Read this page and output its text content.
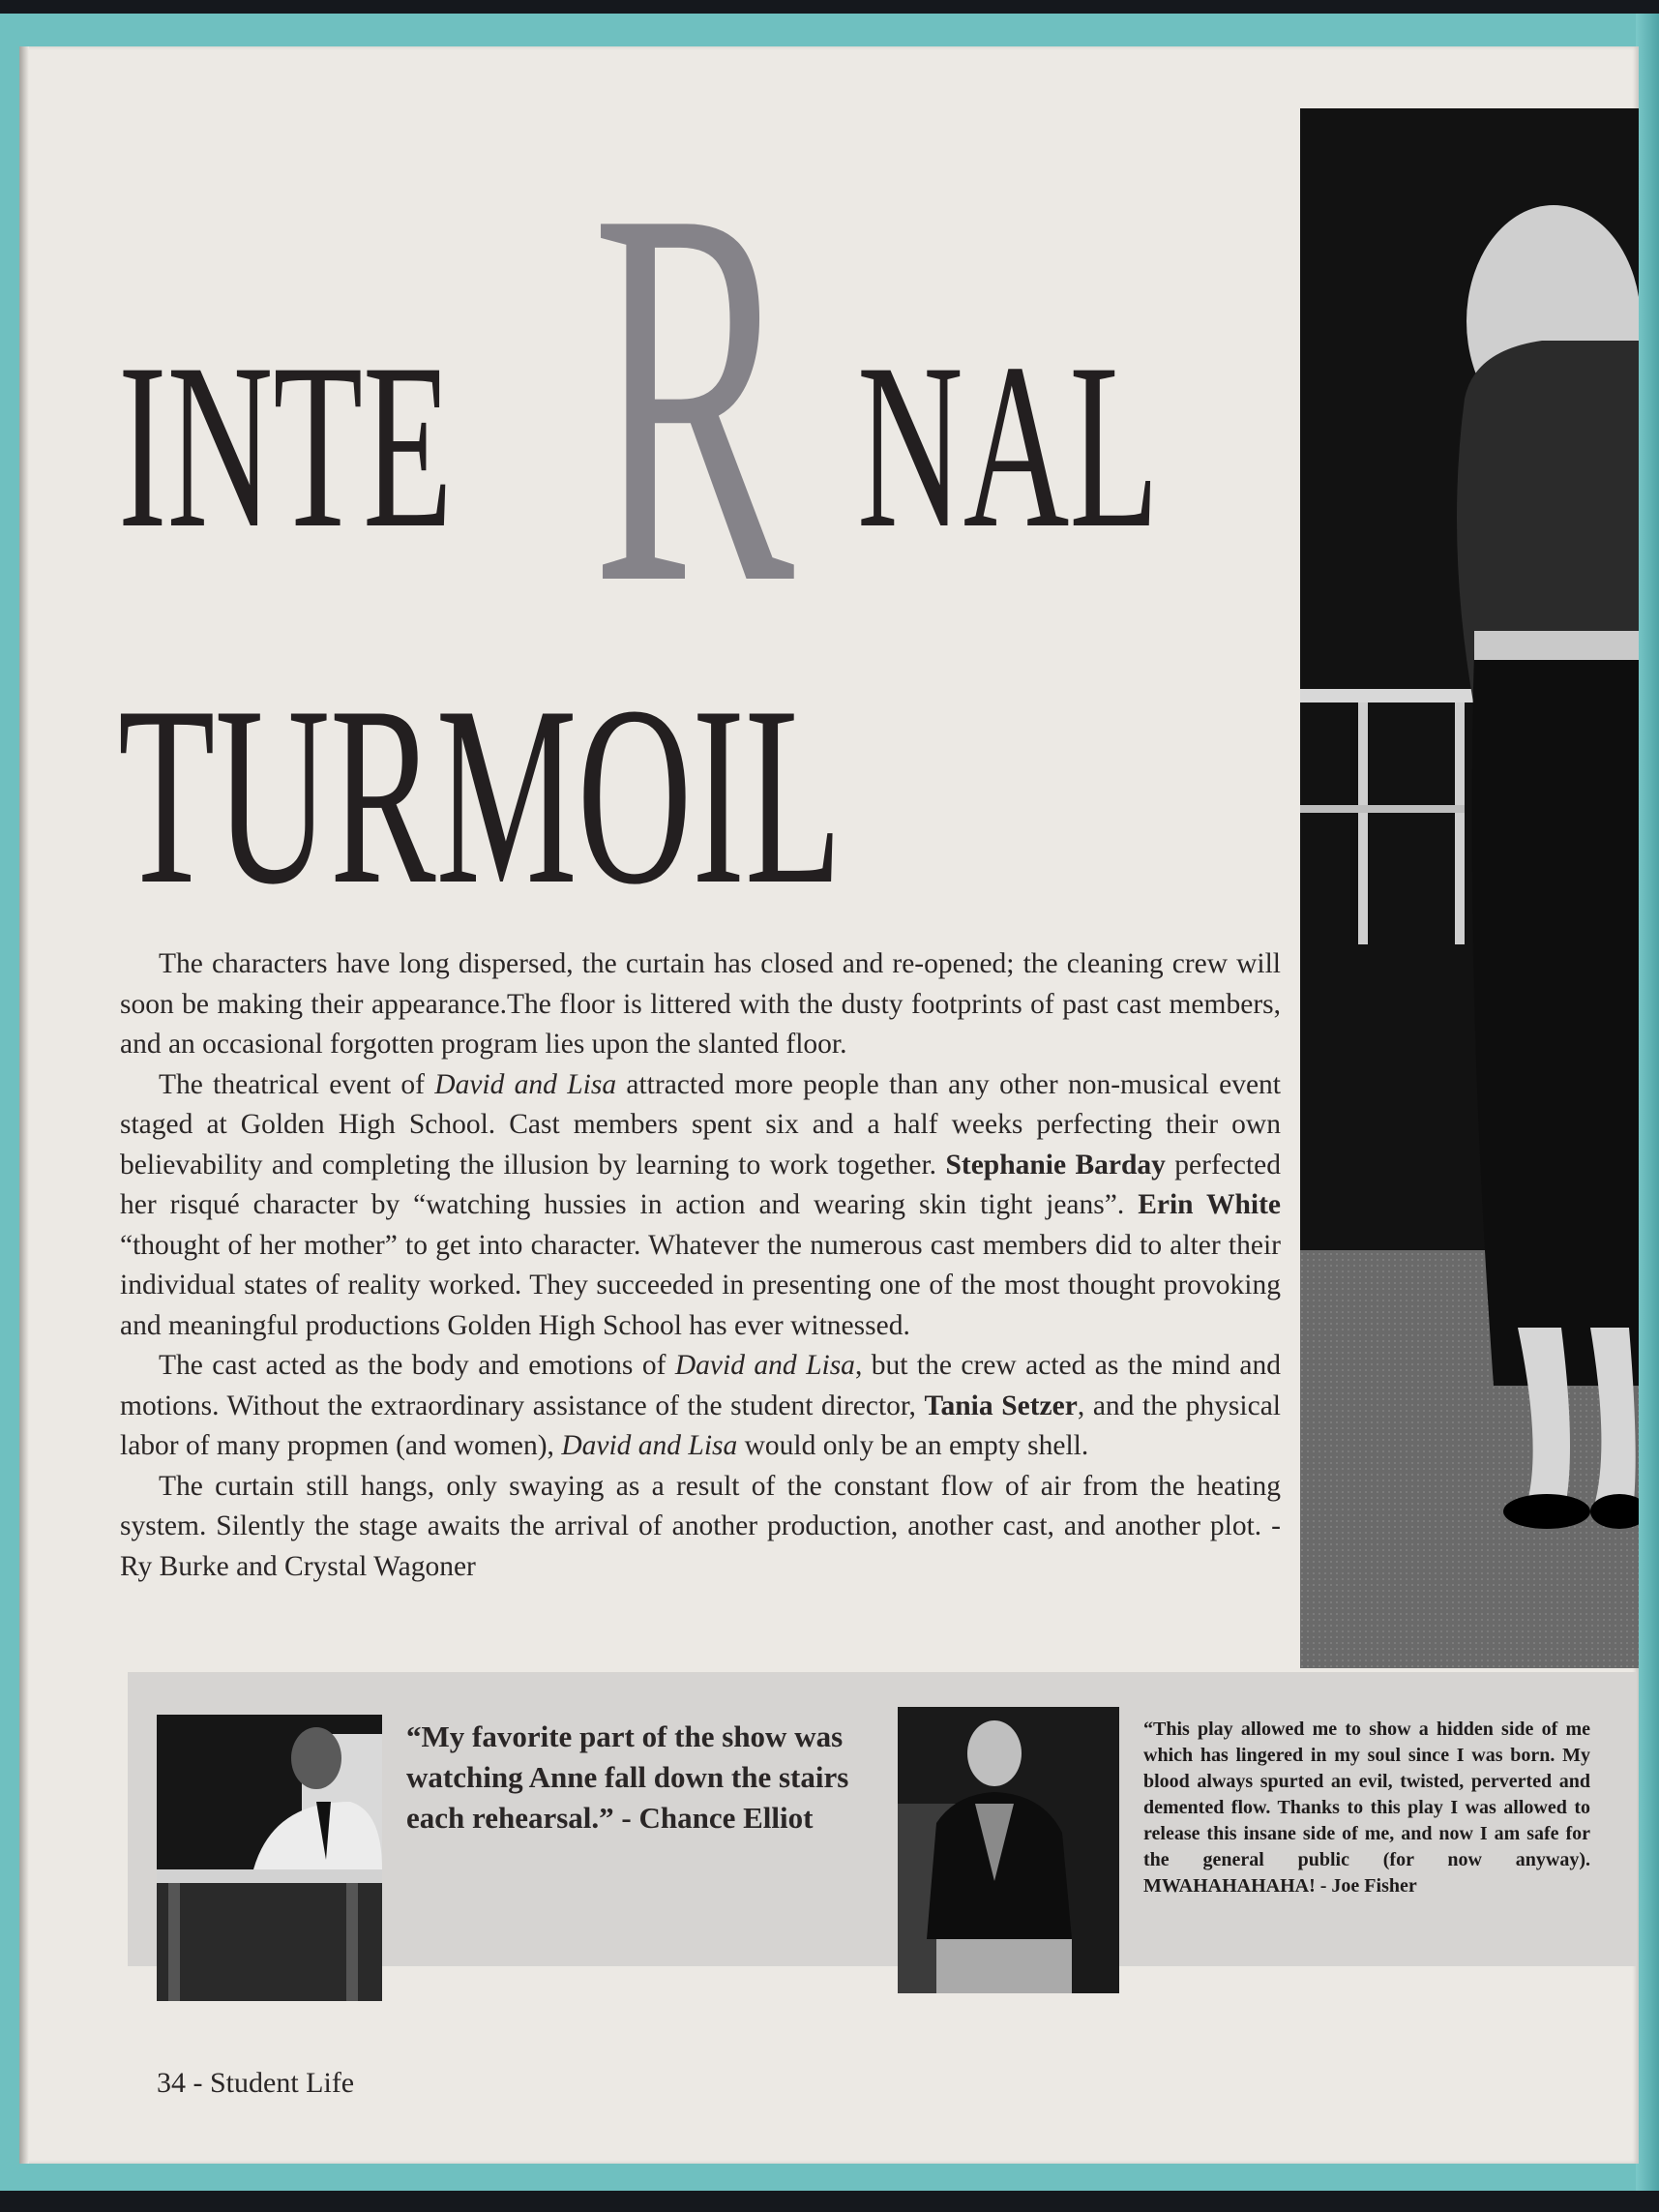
R
INTE NAL
TURMOIL

The characters have long dispersed, the curtain has closed and re-opened; the cleaning crew will soon be making their appearance.The floor is littered with the dusty footprints of past cast members, and an occasional forgotten program lies upon the slanted floor.

The theatrical event of David and Lisa attracted more people than any other non-musical event staged at Golden High School. Cast members spent six and a half weeks perfecting their own believability and completing the illusion by learning to work together. Stephanie Barday perfected her risqué character by “watching hussies in action and wearing skin tight jeans”. Erin White “thought of her mother” to get into character. Whatever the numerous cast members did to alter their individual states of reality worked. They succeeded in presenting one of the most thought provoking and meaningful productions Golden High School has ever witnessed.

The cast acted as the body and emotions of David and Lisa, but the crew acted as the mind and motions. Without the extraordinary assistance of the student director, Tania Setzer, and the physical labor of many propmen (and women), David and Lisa would only be an empty shell.

The curtain still hangs, only swaying as a result of the constant flow of air from the heating system. Silently the stage awaits the arrival of another production, another cast, and another plot. - Ry Burke and Crystal Wagoner

“My favorite part of the show was watching Anne fall down the stairs each rehearsal.” - Chance Elliot
“This play allowed me to show a hidden side of me which has lingered in my soul since I was born. My blood always spurted an evil, twisted, perverted and demented flow. Thanks to this play I was allowed to release this insane side of me, and now I am safe for the general public (for now anyway). MWAHAHAHAHA! - Joe Fisher
34 - Student Life
